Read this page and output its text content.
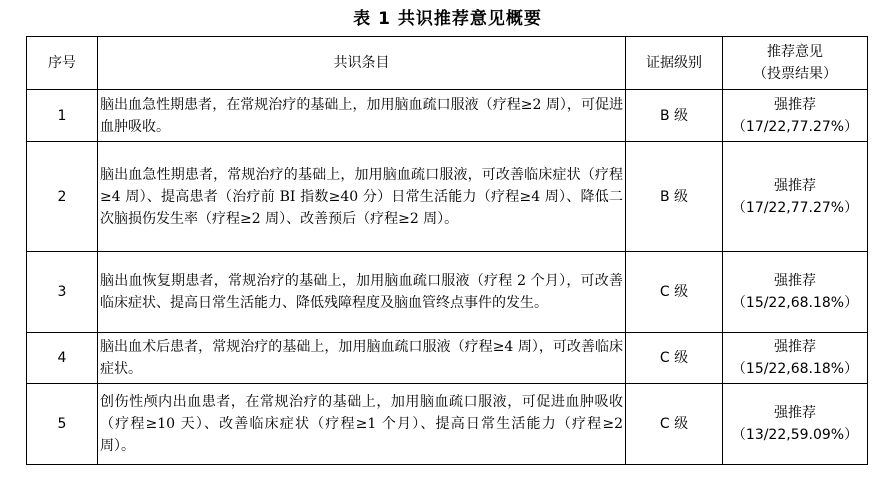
表 1 共识推荐意见概要
序号	共识条目	证据级别	推荐意见
（投票结果）

1	脑出血急性期患者，在常规治疗的基础上，加用脑血疏口服液（疗程≥2 周），可促进血肿吸收。	B 级	强推荐
（17/22,77.27%）

2	脑出血急性期患者，常规治疗的基础上，加用脑血疏口服液，可改善临床症状（疗程≥4 周）、提高患者（治疗前 BI 指数≥40 分）日常生活能力（疗程≥4 周）、降低二次脑损伤发生率（疗程≥2 周）、改善预后（疗程≥2 周）。	B 级	强推荐
（17/22,77.27%）

3	脑出血恢复期患者，常规治疗的基础上，加用脑血疏口服液（疗程 2 个月），可改善临床症状、提高日常生活能力、降低残障程度及脑血管终点事件的发生。	C 级	强推荐
（15/22,68.18%）

4	脑出血术后患者，常规治疗的基础上，加用脑血疏口服液（疗程≥4 周），可改善临床症状。	C 级	强推荐
（15/22,68.18%）

5	创伤性颅内出血患者，在常规治疗的基础上，加用脑血疏口服液，可促进血肿吸收（疗程≥10 天）、改善临床症状（疗程≥1 个月）、提高日常生活能力（疗程≥2 周）。	C 级	强推荐
（13/22,59.09%）
